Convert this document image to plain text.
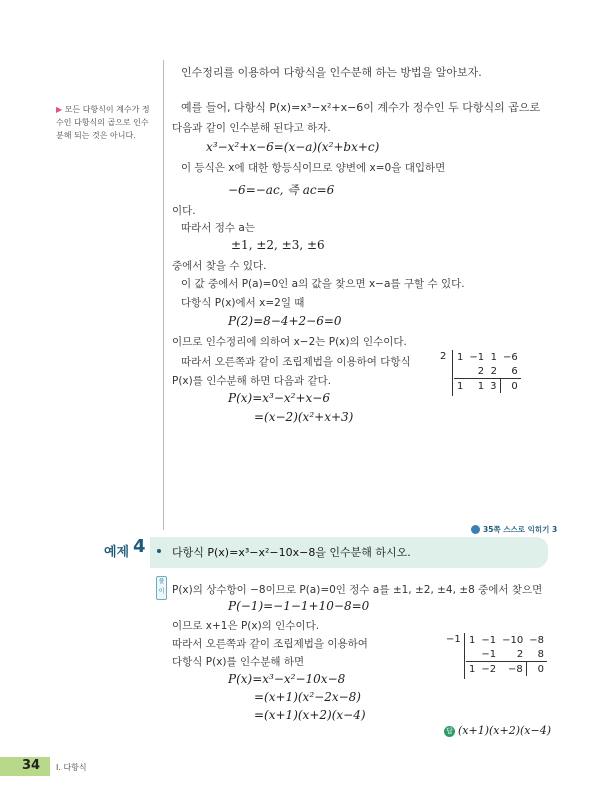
인수정리를 이용하여 다항식을 인수분해 하는 방법을 알아보자.
▶ 모든 다항식이 계수가 정수인 다항식의 곱으로 인수분해 되는 것은 아니다.
예를 들어, 다항식 P(x)=x³−x²+x−6이 계수가 정수인 두 다항식의 곱으로
다음과 같이 인수분해 된다고 하자.
x³−x²+x−6=(x−a)(x²+bx+c)
이 등식은 x에 대한 항등식이므로 양변에 x=0을 대입하면
−6=−ac, 즉 ac=6
이다.
따라서 정수 a는
±1, ±2, ±3, ±6
중에서 찾을 수 있다.
이 값 중에서 P(a)=0인 a의 값을 찾으면 x−a를 구할 수 있다.
다항식 P(x)에서 x=2일 때
P(2)=8−4+2−6=0
이므로 인수정리에 의하여 x−2는 P(x)의 인수이다.
따라서 오른쪽과 같이 조립제법을 이용하여 다항식
P(x)를 인수분해 하면 다음과 같다.
P(x)=x³−x²+x−6
=(x−2)(x²+x+3)
2 1	−1	1	−6
	2	2	6
1	1	3	0
35쪽 스스로 익히기 3
예제 4 다항식 P(x)=x³−x²−10x−8을 인수분해 하시오.
풀이 P(x)의 상수항이 −8이므로 P(a)=0인 정수 a를 ±1, ±2, ±4, ±8 중에서 찾으면
P(−1)=−1−1+10−8=0
이므로 x+1은 P(x)의 인수이다.
따라서 오른쪽과 같이 조립제법을 이용하여
다항식 P(x)를 인수분해 하면
P(x)=x³−x²−10x−8
=(x+1)(x²−2x−8)
=(x+1)(x+2)(x−4)
−1 1	−1	−10	−8
	−1	2	8
1	−2	−8	0
답 (x+1)(x+2)(x−4)
34 I. 다항식
